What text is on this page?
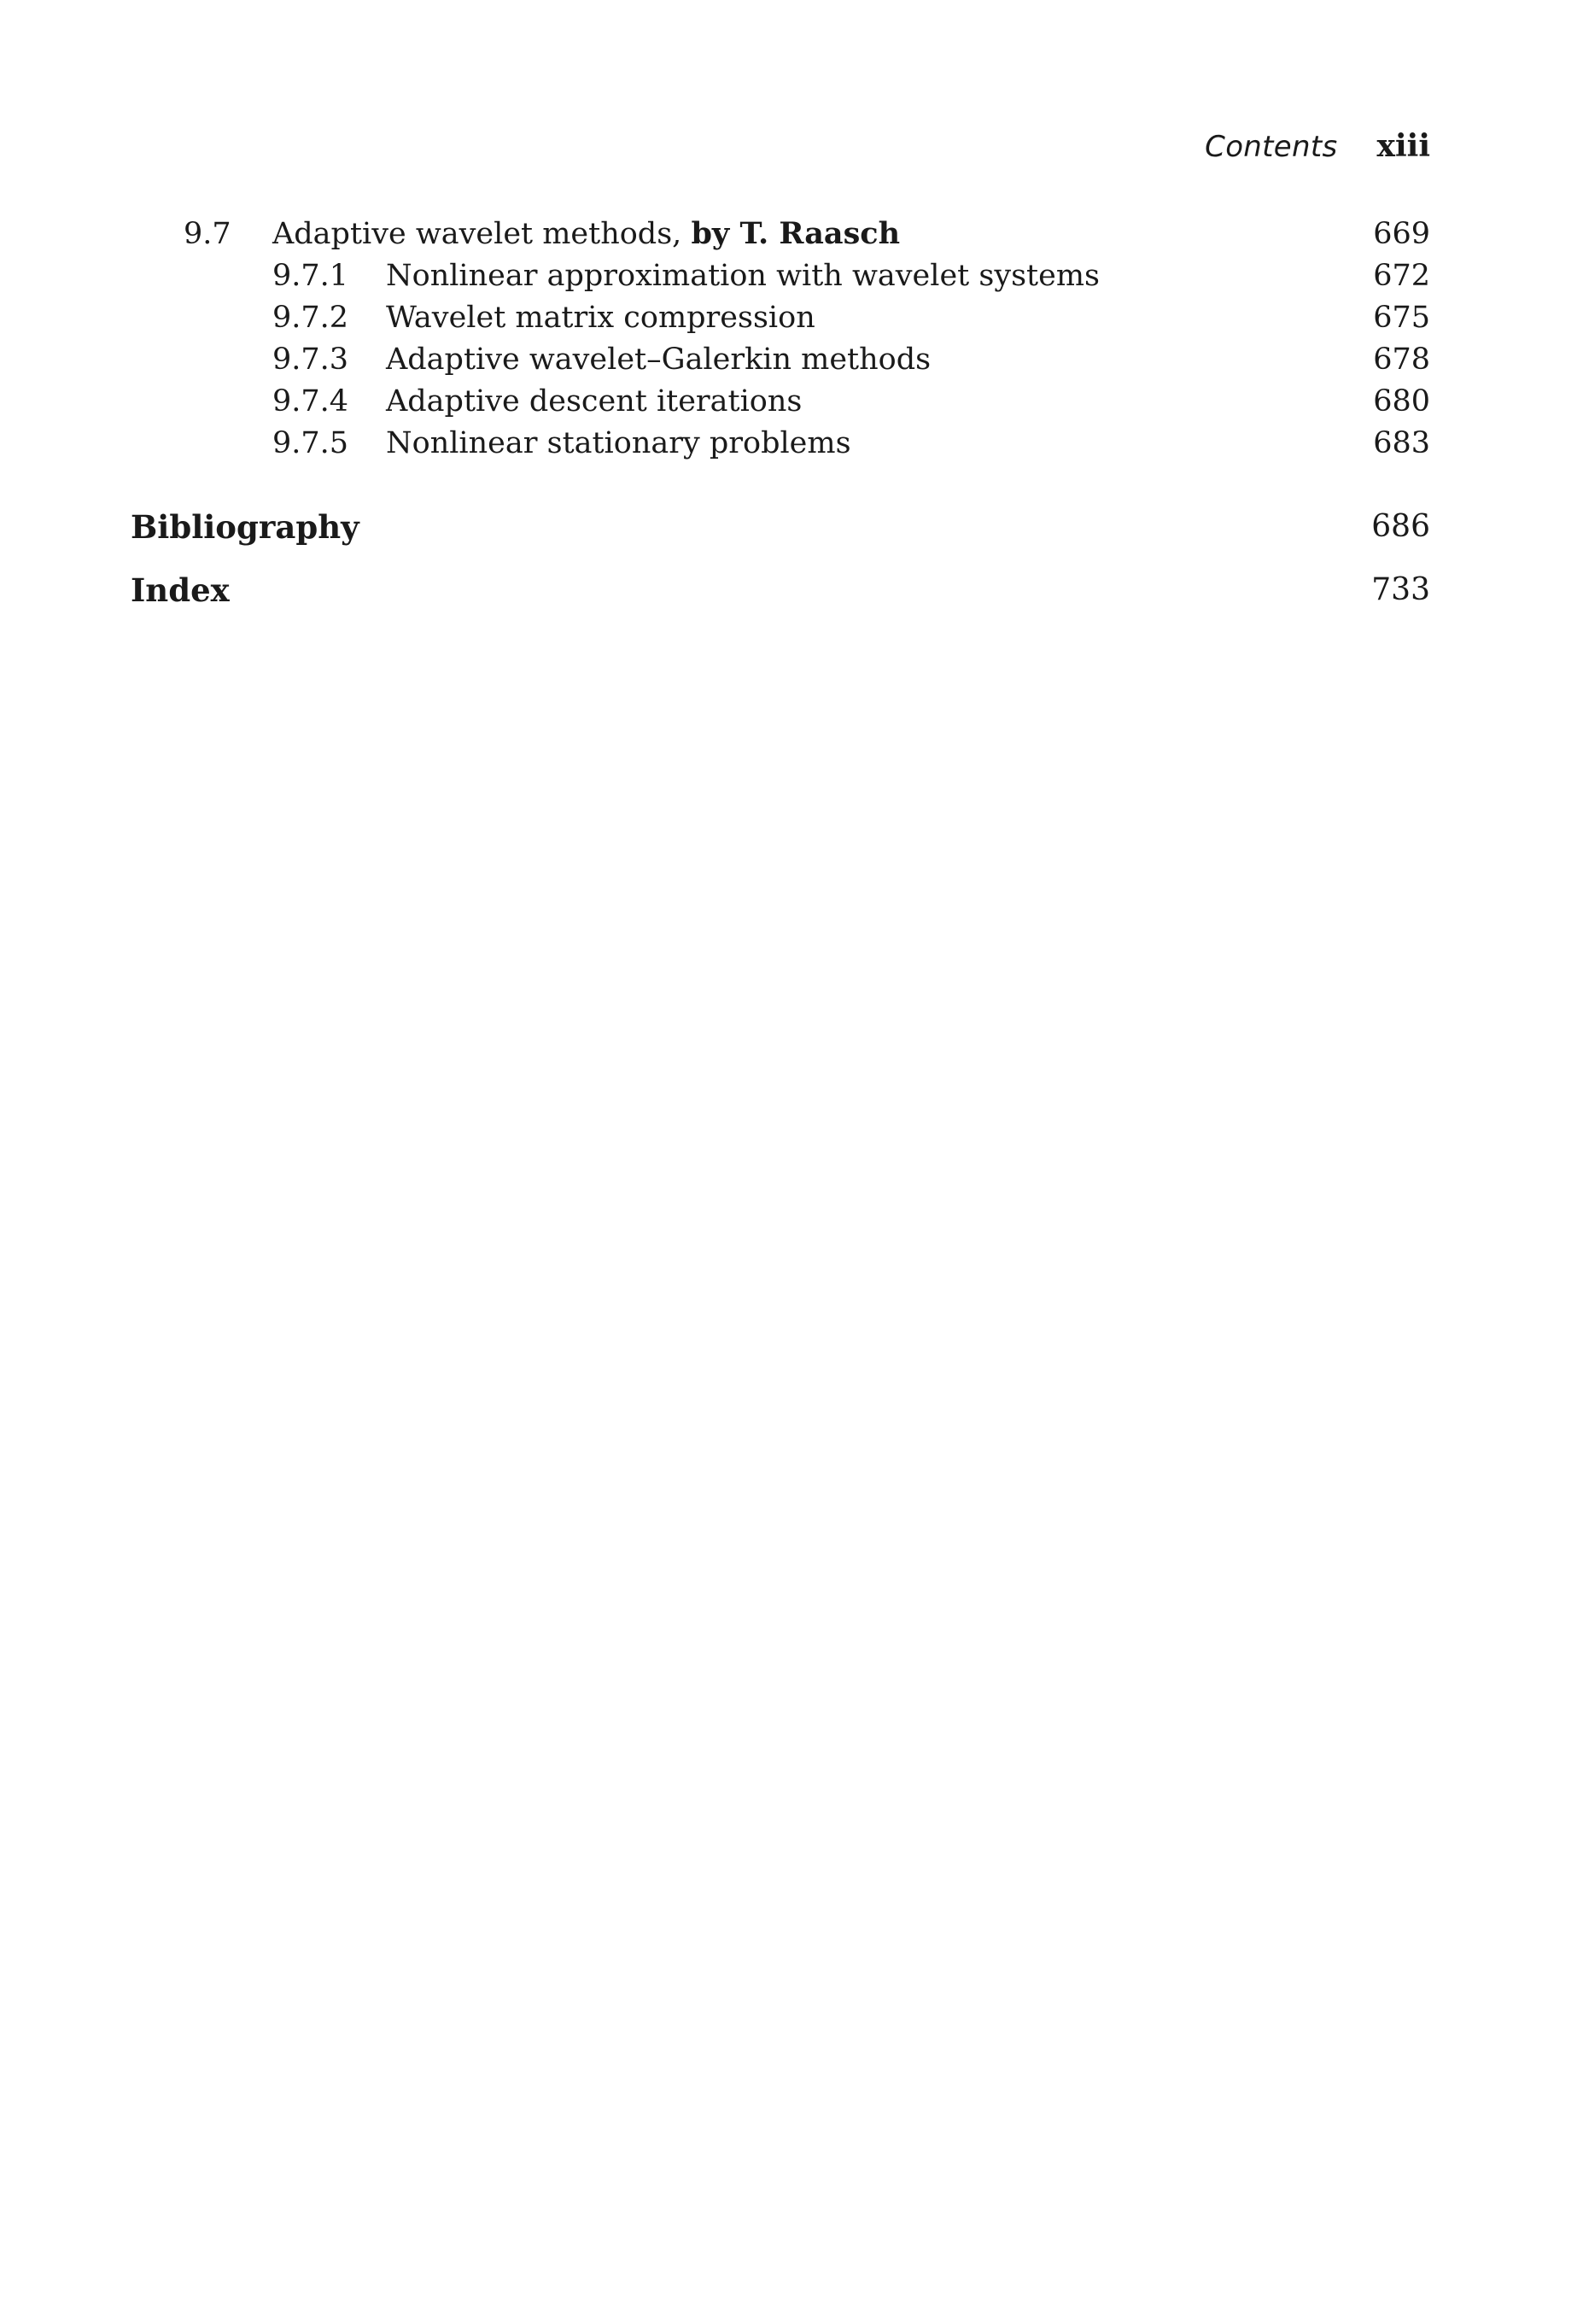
Contents xiii
9.7 Adaptive wavelet methods, by T. Raasch	669
9.7.1 Nonlinear approximation with wavelet systems	672
9.7.2 Wavelet matrix compression	675
9.7.3 Adaptive wavelet–Galerkin methods	678
9.7.4 Adaptive descent iterations	680
9.7.5 Nonlinear stationary problems	683
Bibliography	686
Index	733
